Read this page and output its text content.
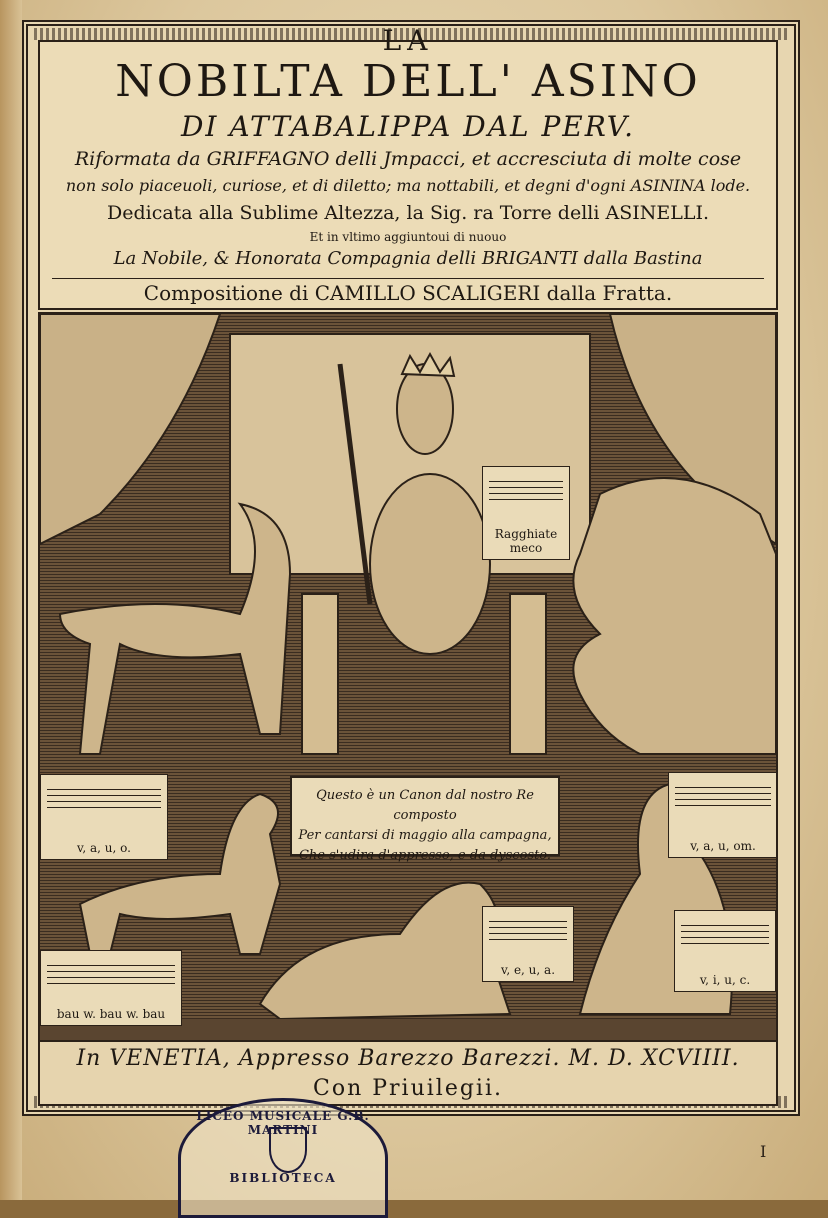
LA
NOBILTA DELL' ASINO
DI ATTABALIPPA DAL PERV.
Riformata da GRIFFAGNO delli Jmpacci, et accresciuta di molte cose
non solo piaceuoli, curiose, et di diletto; ma nottabili, et degni d'ogni ASININA lode.
Dedicata alla Sublime Altezza, la Sig. ra Torre delli ASINELLI.
Et in vltimo aggiuntoui di nuouo
La Nobile, & Honorata Compagnia delli BRIGANTI dalla Bastina
Compositione di CAMILLO SCALIGERI dalla Fratta.
Ragghiate meco
Questo è un Canon dal nostro Re composto
Per cantarsi di maggio alla campagna,
Che s'udira d'appresso, e da dyscosto.
v, a, u, o.	v, a, u, om.
bau w. bau w. bau
v, e, u, a.
v, i, u, c.
In VENETIA, Appresso Barezzo Barezzi. M. D. XCVIIII.
Con Priuilegii.
LICEO MUSICALE G.B. MARTINI
BIBLIOTECA
I
